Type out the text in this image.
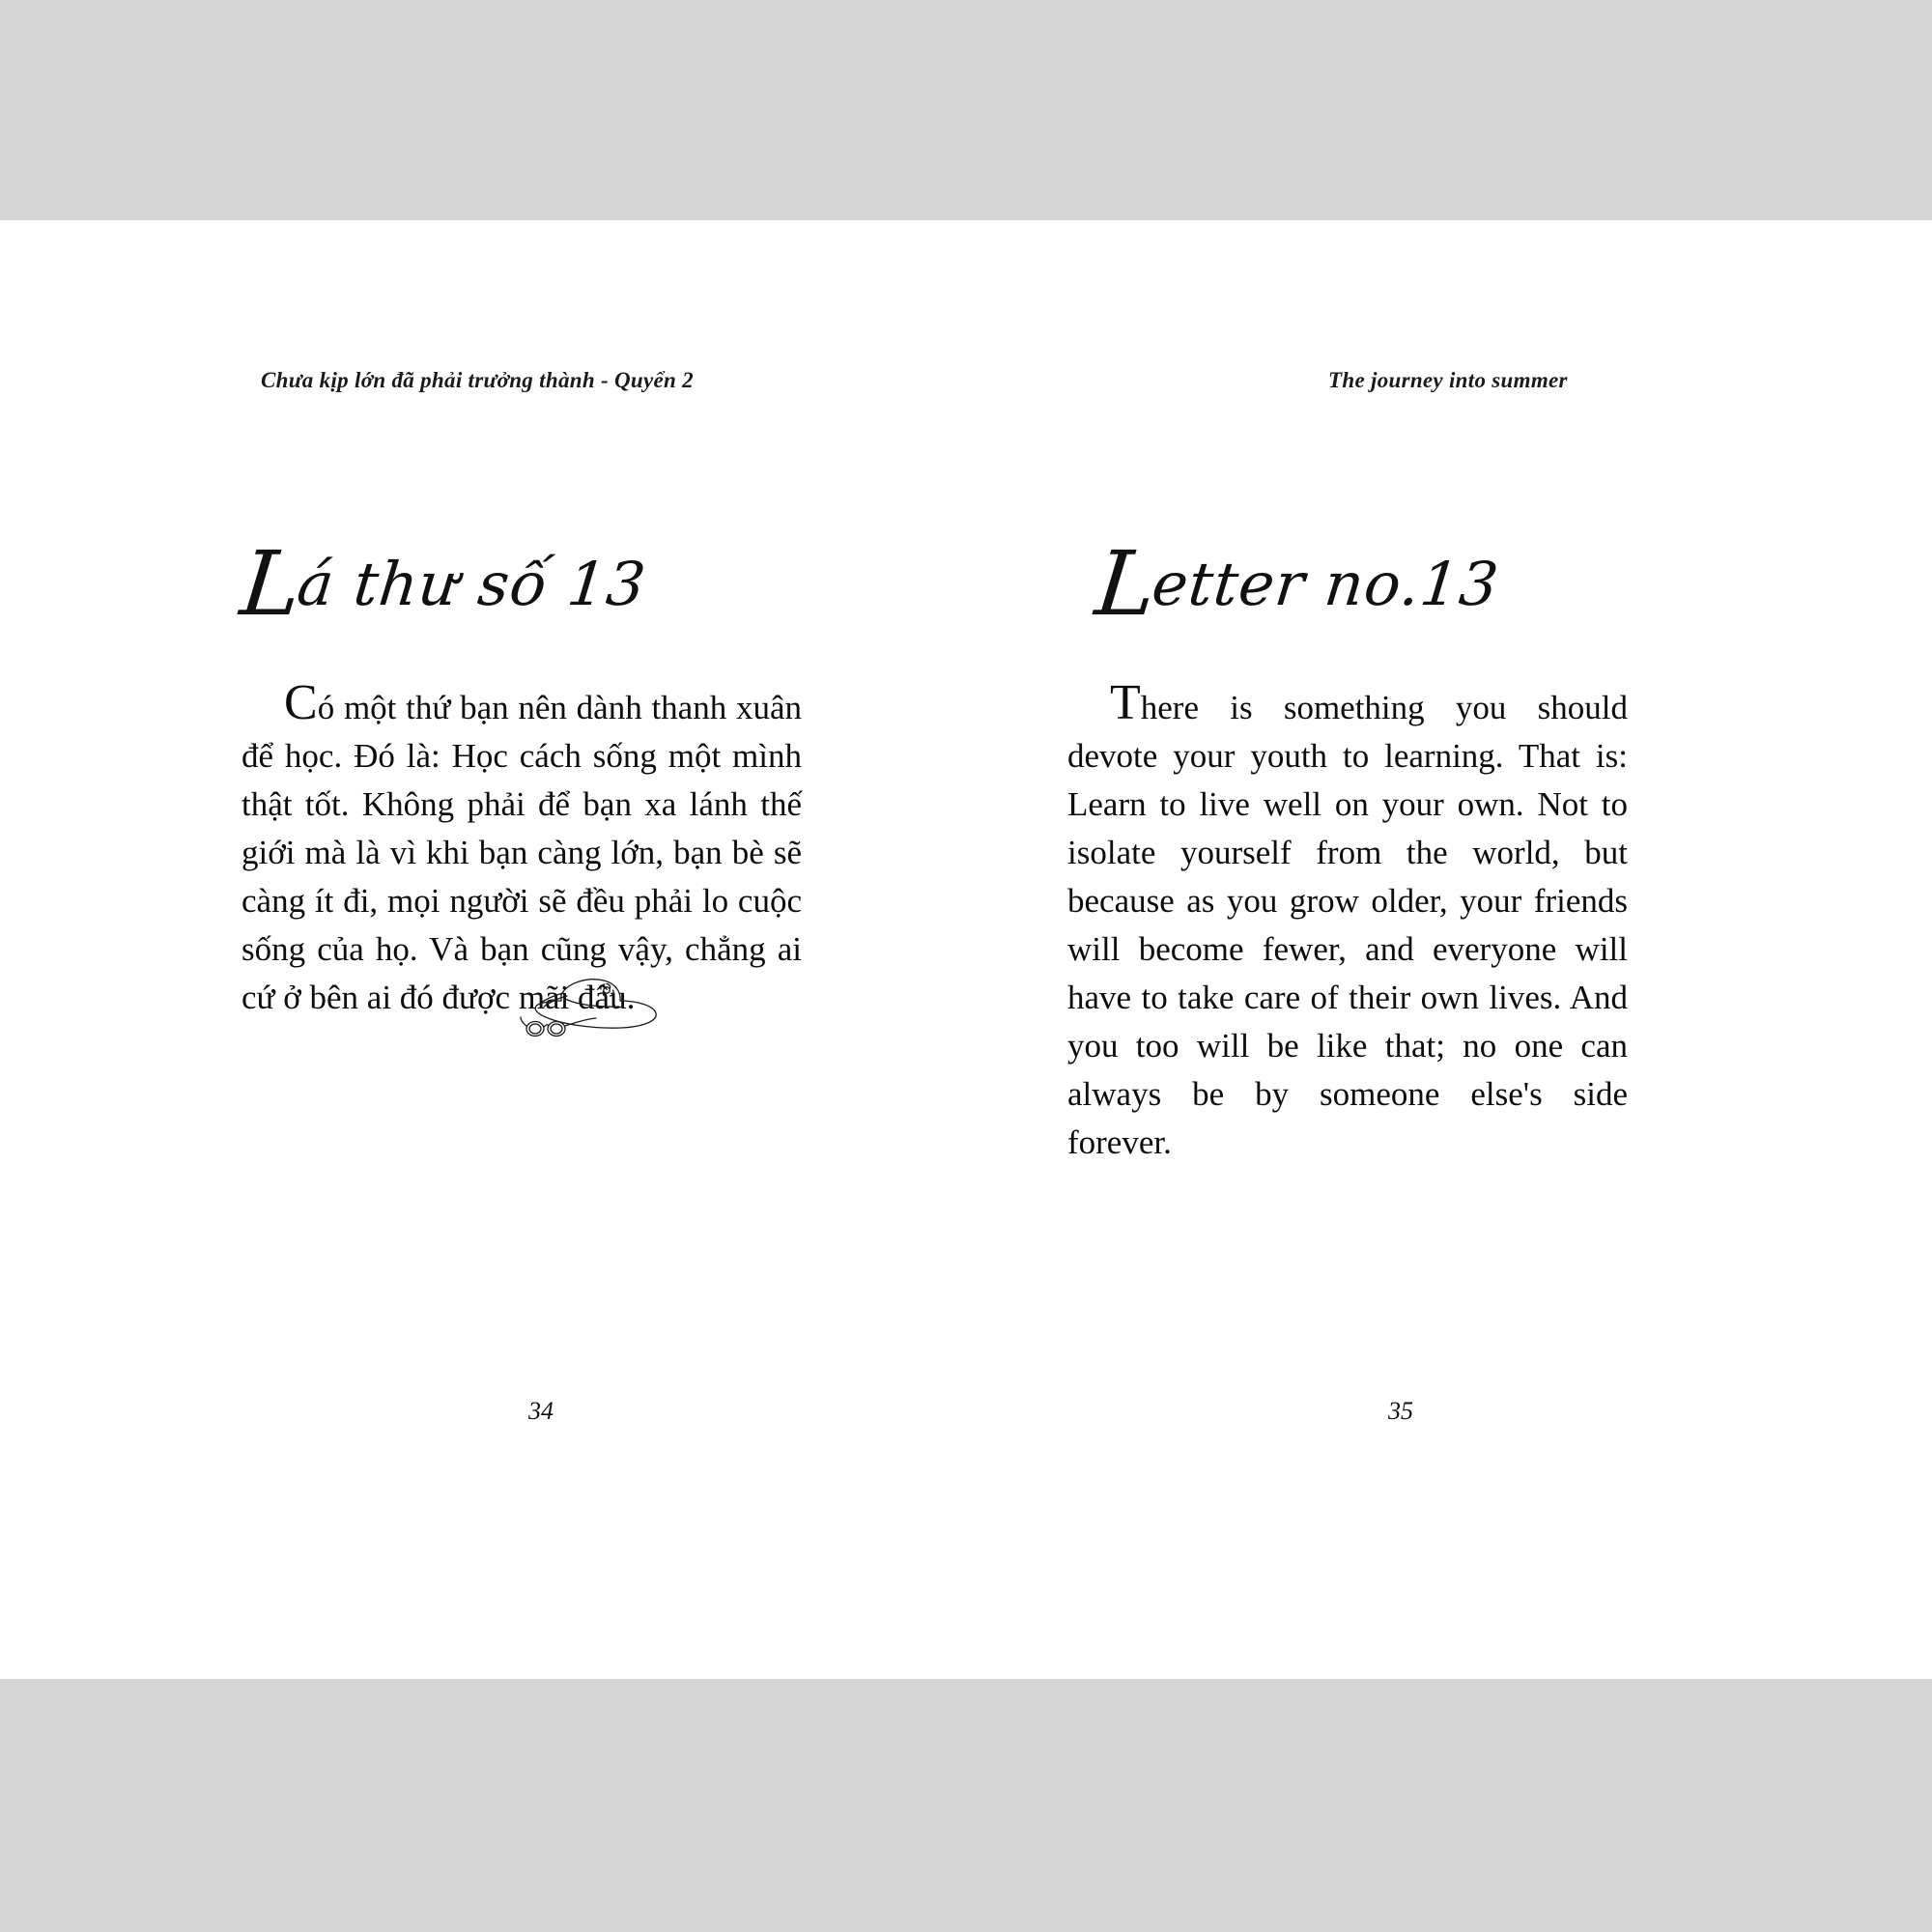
Chưa kịp lớn đã phải trưởng thành - Quyển 2
Lá thư số 13

Có một thứ bạn nên dành thanh xuân để học. Đó là: Học cách sống một mình thật tốt. Không phải để bạn xa lánh thế giới mà là vì khi bạn càng lớn, bạn bè sẽ càng ít đi, mọi người sẽ đều phải lo cuộc sống của họ. Và bạn cũng vậy, chẳng ai cứ ở bên ai đó được mãi đâu.

34
The journey into summer
Letter no.13

There is something you should devote your youth to learning. That is: Learn to live well on your own. Not to isolate yourself from the world, but because as you grow older, your friends will become fewer, and everyone will have to take care of their own lives. And you too will be like that; no one can always be by someone else's side forever.

35
